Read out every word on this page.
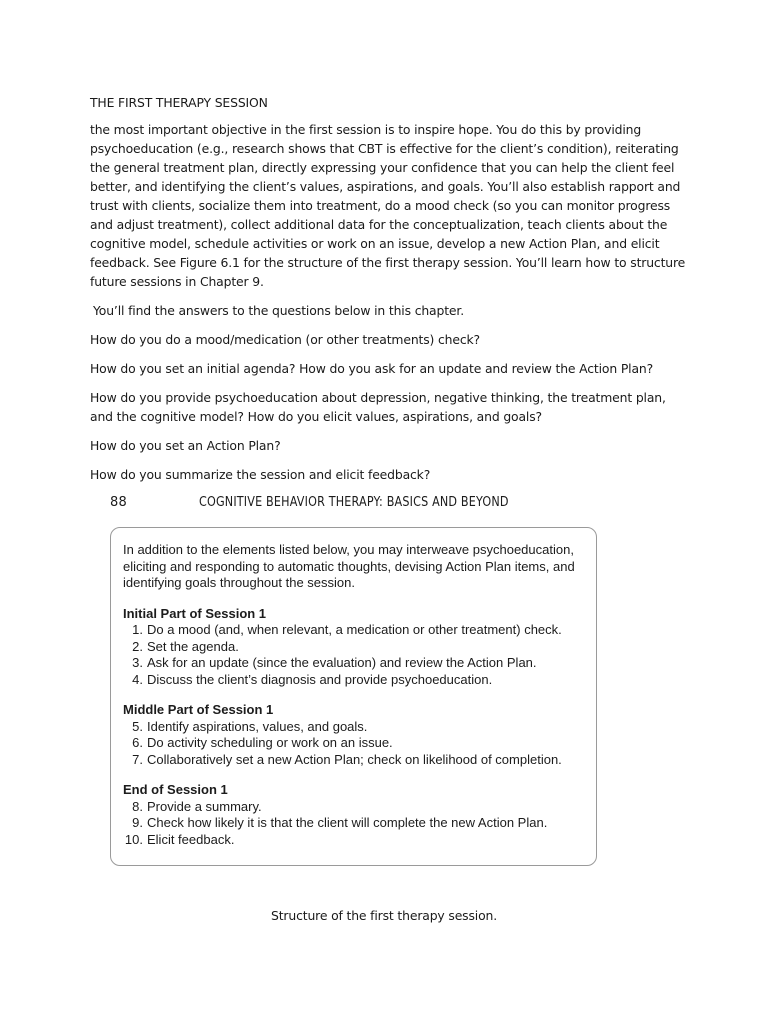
THE FIRST THERAPY SESSION

the most important objective in the first session is to inspire hope. You do this by providing psychoeducation (e.g., research shows that CBT is effective for the client’s condition), reiterating the general treatment plan, directly expressing your confidence that you can help the client feel better, and identifying the client’s values, aspirations, and goals. You’ll also establish rapport and trust with clients, socialize them into treatment, do a mood check (so you can monitor progress and adjust treatment), collect additional data for the conceptualization, teach clients about the cognitive model, schedule activities or work on an issue, develop a new Action Plan, and elicit feedback. See Figure 6.1 for the structure of the first therapy session. You’ll learn how to structure future sessions in Chapter 9.

You’ll find the answers to the questions below in this chapter.

How do you do a mood/medication (or other treatments) check?

How do you set an initial agenda? How do you ask for an update and review the Action Plan?

How do you provide psychoeducation about depression, negative thinking, the treatment plan, and the cognitive model? How do you elicit values, aspirations, and goals?

How do you set an Action Plan?

How do you summarize the session and elicit feedback?

88	COGNITIVE BEHAVIOR THERAPY: BASICS AND BEYOND

In addition to the elements listed below, you may interweave psychoeducation, eliciting and responding to automatic thoughts, devising Action Plan items, and identifying goals throughout the session.

Initial Part of Session 1

1. Do a mood (and, when relevant, a medication or other treatment) check.
2. Set the agenda.
3. Ask for an update (since the evaluation) and review the Action Plan.
4. Discuss the client’s diagnosis and provide psychoeducation.

Middle Part of Session 1

5. Identify aspirations, values, and goals.
6. Do activity scheduling or work on an issue.
7. Collaboratively set a new Action Plan; check on likelihood of completion.

End of Session 1

8. Provide a summary.
9. Check how likely it is that the client will complete the new Action Plan.
10. Elicit feedback.

Structure of the first therapy session.
